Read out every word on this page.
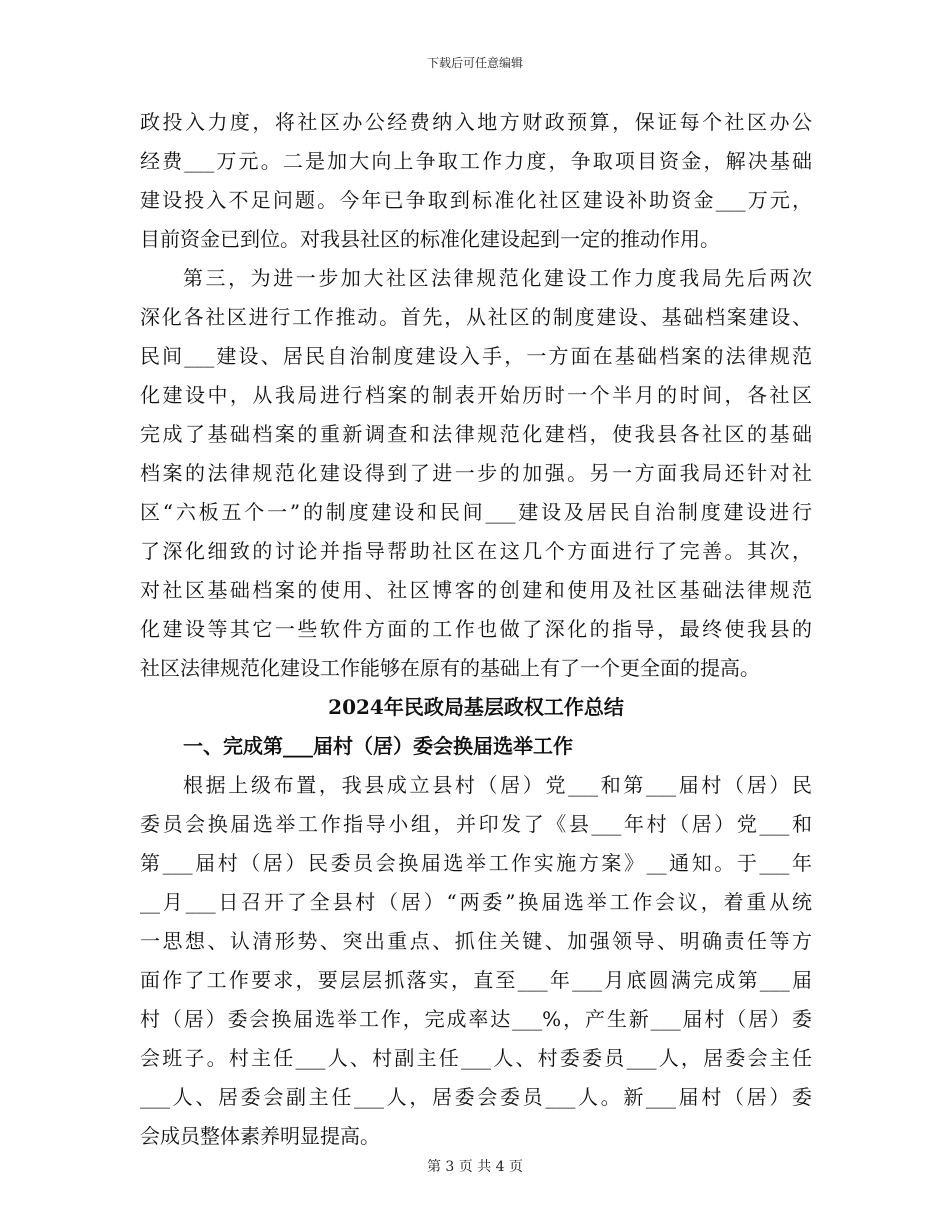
下载后可任意编辑
政投入力度，将社区办公经费纳入地方财政预算，保证每个社区办公
经费___万元。二是加大向上争取工作力度，争取项目资金，解决基础
建设投入不足问题。今年已争取到标准化社区建设补助资金___万元，
目前资金已到位。对我县社区的标准化建设起到一定的推动作用。
第三，为进一步加大社区法律规范化建设工作力度我局先后两次
深化各社区进行工作推动。首先，从社区的制度建设、基础档案建设、
民间___建设、居民自治制度建设入手，一方面在基础档案的法律规范
化建设中，从我局进行档案的制表开始历时一个半月的时间，各社区
完成了基础档案的重新调查和法律规范化建档，使我县各社区的基础
档案的法律规范化建设得到了进一步的加强。另一方面我局还针对社
区“六板五个一”的制度建设和民间___建设及居民自治制度建设进行
了深化细致的讨论并指导帮助社区在这几个方面进行了完善。其次，
对社区基础档案的使用、社区博客的创建和使用及社区基础法律规范
化建设等其它一些软件方面的工作也做了深化的指导，最终使我县的
社区法律规范化建设工作能够在原有的基础上有了一个更全面的提高。
2024年民政局基层政权工作总结
一、完成第___届村（居）委会换届选举工作
根据上级布置，我县成立县村（居）党___和第___届村（居）民
委员会换届选举工作指导小组，并印发了《县___年村（居）党___和
第___届村（居）民委员会换届选举工作实施方案》__通知。于___年
__月___日召开了全县村（居）“两委”换届选举工作会议，着重从统
一思想、认清形势、突出重点、抓住关键、加强领导、明确责任等方
面作了工作要求，要层层抓落实，直至___年___月底圆满完成第___届
村（居）委会换届选举工作，完成率达___%，产生新___届村（居）委
会班子。村主任___人、村副主任___人、村委委员___人，居委会主任
___人、居委会副主任___人，居委会委员___人。新___届村（居）委
会成员整体素养明显提高。
第 3 页 共 4 页
